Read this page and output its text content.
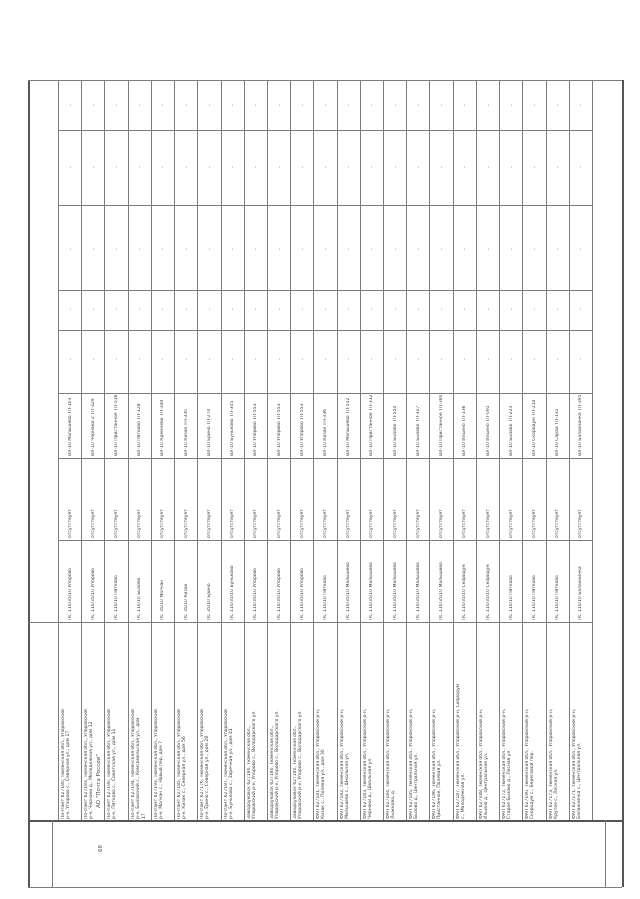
68
АО "Почта России"
Почтамт 627180, Тюменская обл., Упоровский
р-н, Упорово с., Северная ул., дом 17
ПС 110/35/10 Упорово
отсутствует
ВЛ-10 Малышево ТП-103
-
-
-
-
-
Почтамт 627183, Тюменская обл., Упоровский
р-н, Чернаки д., Молодежная ул., дом 12
ПС 110/35/10 Упорово
отсутствует
ВЛ-10 Чернаки-2 ТП-329
-
-
-
-
-
Почтамт 627190, Тюменская обл., Упоровский
р-н, Пятково с., Советская ул., дом 11
ПС 110/10 Пятково
отсутствует
ВЛ-10 Пристанное ТП-516
-
-
-
-
-
Почтамт 627194, Тюменская обл., Упоровский
р-н, Бызовский с., Комсомольская ул., дом
17
ПС 110/10 Бызово
отсутствует
ВЛ-10 Пятково ТП-128
-
-
-
-
-
Почтамт 627193, Тюменская обл., Упоровский
р-н, Молчан с., Новый пер, дом 7
ПС 35/10 Молчан
отсутствует
ВЛ-10 Кремлёво ТП-349
-
-
-
-
-
Почтамт 627185, Тюменская обл., Упоровский
р-н, Кизак с., Северная ул., дом 56
ПС 35/10 Кизак
отсутствует
ВЛ-10 Кизак ТП-330
-
-
-
-
-
Почтамт 627176, Тюменская обл., Упоровский
р-н, Ёрино с., Северная ул., дом 28
ПС 35/10 Ёрино
отсутствует
ВЛ-10 Ёрино ТП-270
-
-
-
-
-
Почтамт 627187, Тюменская обл., Упоровский
р-н, Буньково с., Заречная ул., дом 41
ПС 110/35/10 Буньково
отсутствует
ВЛ-10 Буньково ТП-305
-
-
-
-
-
Заводоуковск 627180, Тюменская обл.,
Упоровский р-н, Упорово с., Володарского ул.
ПС 110/35/10 Упорово
отсутствует
ВЛ-10 Упорово ТП-553
-
-
-
-
-
Заводоуковск 627180, Тюменская обл.,
Упоровский р-н, Упорово с., Володарского ул.
ПС 110/35/10 Упорово
отсутствует
ВЛ-10 Упорово ТП-553
-
-
-
-
-
Заводоуковск 627180, Тюменская обл.,
Упоровский р-н, Упорово с., Володарского ул.
ПС 110/35/10 Упорово
отсутствует
ВЛ-10 Упорово ТП-553
-
-
-
-
-
ФАП 627181, Тюменская обл., Упоровский р-н,
Кизак с., Полевая ул., дом 30
ПС 110/10 Пятково
отсутствует
ВЛ-10 Кизак ТП-336
-
-
-
-
-
ФАП 627182, Тюменская обл., Упоровский р-н,
Малышево с., Школьная ул.
ПС 110/35/10 Малышево
отсутствует
ВЛ-10 Малышево ТП-512
-
-
-
-
-
ФАП 627183, Тюменская обл., Упоровский р-н,
Чернаки д., Школьная ул.
ПС 110/35/10 Малышево
отсутствует
ВЛ-10 Пристанное ТП-312
-
-
-
-
-
ФАП 627184, Тюменская обл., Упоровский р-н,
Лыжкова, д.
ПС 110/35/10 Малышево
отсутствует
ВЛ-10 Бызово ТП-554
-
-
-
-
-
ФАП 627185, Тюменская обл., Упоровский р-н,
Бызово д., Центральная ул.
ПС 110/35/10 Малышево
отсутствует
ВЛ-10 Бызово ТП-317
-
-
-
-
-
ФАП 627186, Тюменская обл., Упоровский р-н,
Пристанное, Полевая ул.
ПС 110/35/10 Малышево
отсутствует
ВЛ-10 Пристанное ТП-380
-
-
-
-
-
ФАП 627187, Тюменская обл., Упоровский р-н, Скородум
с., Молодежная ул.
ПС 110/35/10 Скородум
отсутствует
ВЛ-10 Ильино ТП-136
-
-
-
-
-
ФАП 627188, Тюменская обл., Упоровский р-н,
Ильино д., Центральная ул.
ПС 110/35/10 Скородум
отсутствует
ВЛ-10 Ильино ТП-091
-
-
-
-
-
ФАП 627172, Тюменская обл., Упоровский р-н,
Старое Бызово д., Лесная ул.
ПС 110/10 Пятково
отсутствует
ВЛ-10 Бызово ТП-223
-
-
-
-
-
ФАП 627190, Тюменская обл., Упоровский р-н,
Скородум с., Береговой пер.
ПС 110/10 Пятково
отсутствует
ВЛ-10 Скородум ТП-214
-
-
-
-
-
ФАП 627173, Тюменская обл., Упоровский р-н,
Крутое с., Лесная ул.
ПС 110/10 Пятково
отсутствует
ВЛ-10 Сараи ТП-132
-
-
-
-
-
ФАП 627171, Тюменская обл., Упоровский р-н,
Балахнинка с., Центральная ул.
ПС 110/10 Балахнинка
отсутствует
ВЛ-10 Балахнинка ТП-395
-
-
-
-
-
